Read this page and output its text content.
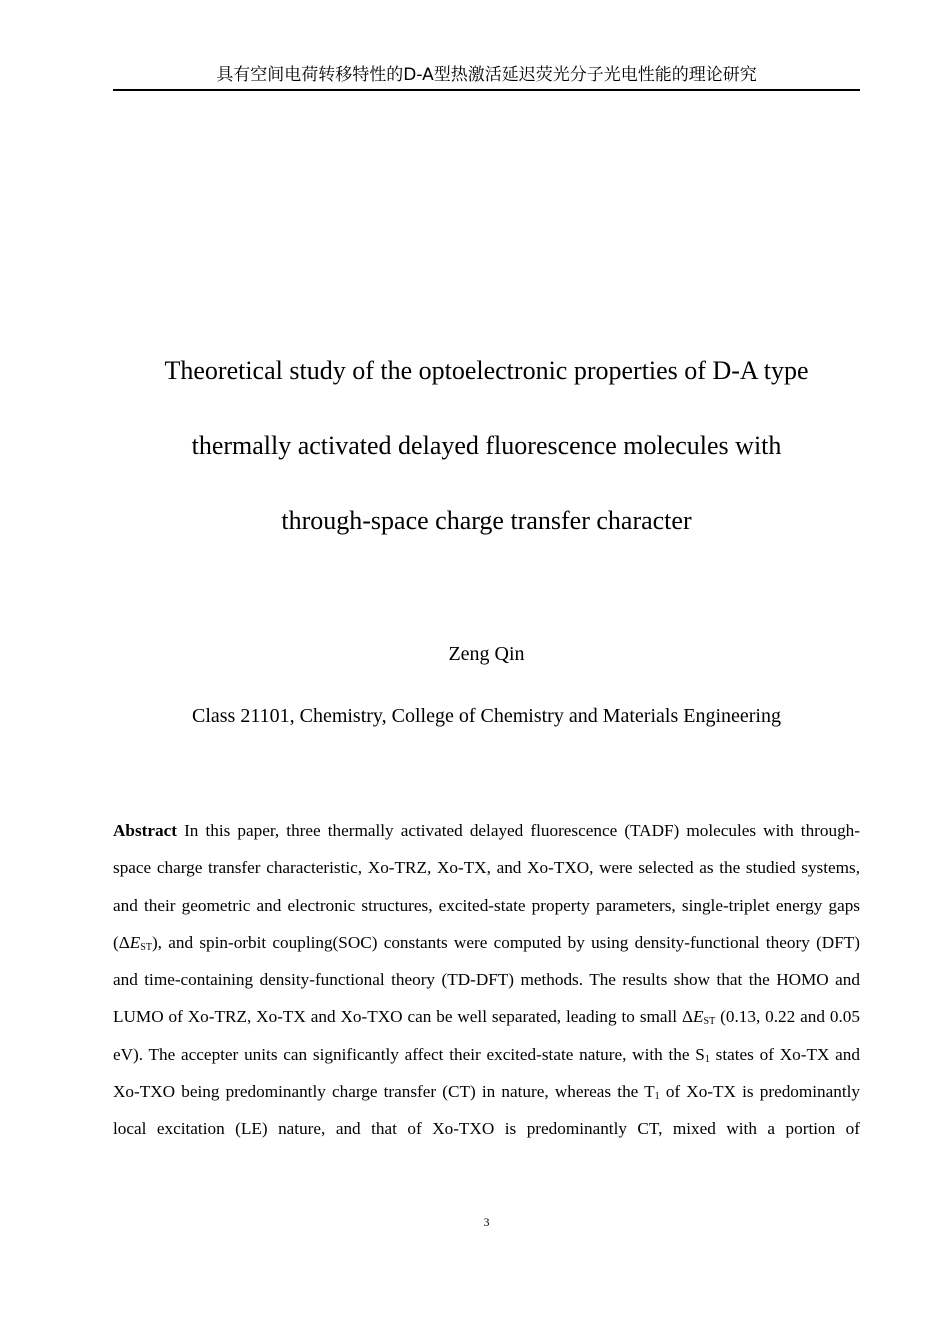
具有空间电荷转移特性的D-A型热激活延迟荧光分子光电性能的理论研究
Theoretical study of the optoelectronic properties of D-A type
thermally activated delayed fluorescence molecules with
through-space charge transfer character
Zeng Qin
Class 21101, Chemistry, College of Chemistry and Materials Engineering
Abstract In this paper, three thermally activated delayed fluorescence (TADF) molecules with through-space charge transfer characteristic, Xo-TRZ, Xo-TX, and Xo-TXO, were selected as the studied systems, and their geometric and electronic structures, excited-state property parameters, single-triplet energy gaps $(\Delta E_{ST})$, and spin-orbit coupling(SOC) constants were computed by using density-functional theory (DFT) and time-containing density-functional theory (TD-DFT) methods. The results show that the HOMO and LUMO of Xo-TRZ, Xo-TX and Xo-TXO can be well separated, leading to small $\Delta E_{ST}$ (0.13, 0.22 and 0.05 eV). The accepter units can significantly affect their excited-state nature, with the $S_1$ states of Xo-TX and Xo-TXO being predominantly charge transfer (CT) in nature, whereas the $T_1$ of Xo-TX is predominantly local excitation (LE) nature, and that of Xo-TXO is predominantly CT, mixed with a portion of
3
